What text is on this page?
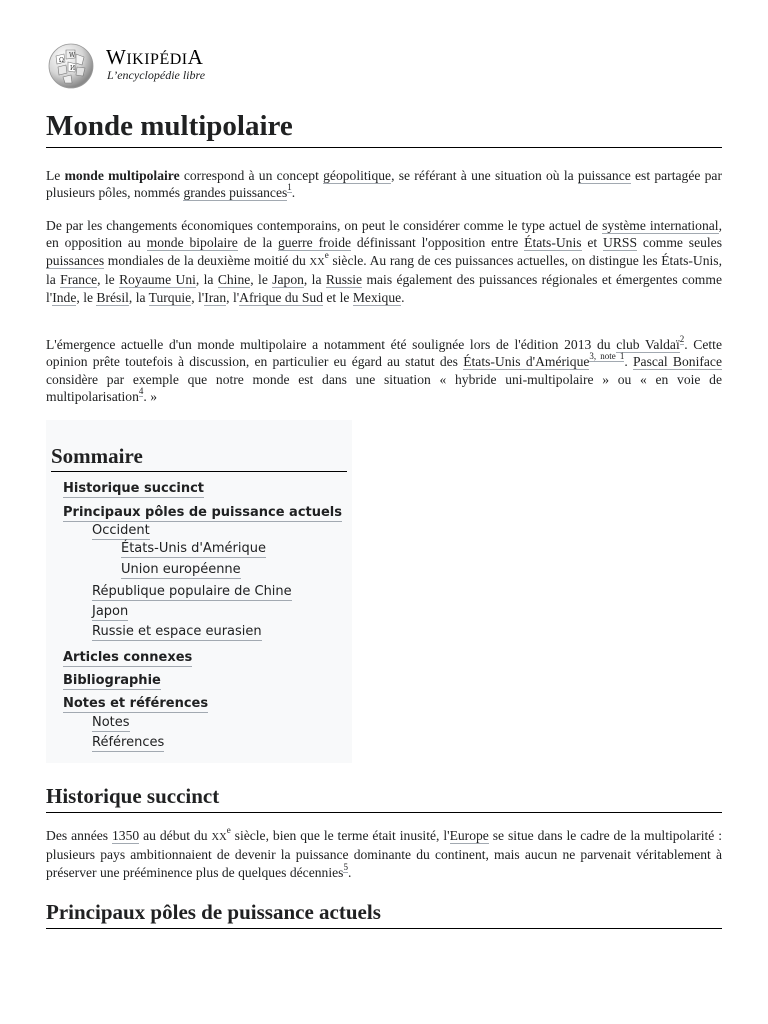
Ω
W
И WIKIPÉDIA
L’encyclopédie libre
Monde multipolaire

Le monde multipolaire correspond à un concept géopolitique, se référant à une situation où la puissance est partagée par plusieurs pôles, nommés grandes puissances$^1$.

De par les changements économiques contemporains, on peut le considérer comme le type actuel de système international, en opposition au monde bipolaire de la guerre froide définissant l'opposition entre États-Unis et URSS comme seules puissances mondiales de la deuxième moitié du XXe siècle. Au rang de ces puissances actuelles, on distingue les États-Unis, la France, le Royaume Uni, la Chine, le Japon, la Russie mais également des puissances régionales et émergentes comme l'Inde, le Brésil, la Turquie, l'Iran, l'Afrique du Sud et le Mexique.

L'émergence actuelle d'un monde multipolaire a notamment été soulignée lors de l'édition 2013 du club Valdaï$^2$. Cette opinion prête toutefois à discussion, en particulier eu égard au statut des États-Unis d'Amérique$^{3, note 1}$. Pascal Boniface considère par exemple que notre monde est dans une situation « hybride uni-multipolaire » ou « en voie de multipolarisation$^4$. »

Sommaire
Historique succinct
Principaux pôles de puissance actuels
Occident
États-Unis d'Amérique
Union européenne
République populaire de Chine
Japon
Russie et espace eurasien
Articles connexes
Bibliographie
Notes et références
Notes
Références
Historique succinct

Des années 1350 au début du XXe siècle, bien que le terme était inusité, l'Europe se situe dans le cadre de la multipolarité : plusieurs pays ambitionnaient de devenir la puissance dominante du continent, mais aucun ne parvenait véritablement à préserver une prééminence plus de quelques décennies$^5$.

Principaux pôles de puissance actuels
